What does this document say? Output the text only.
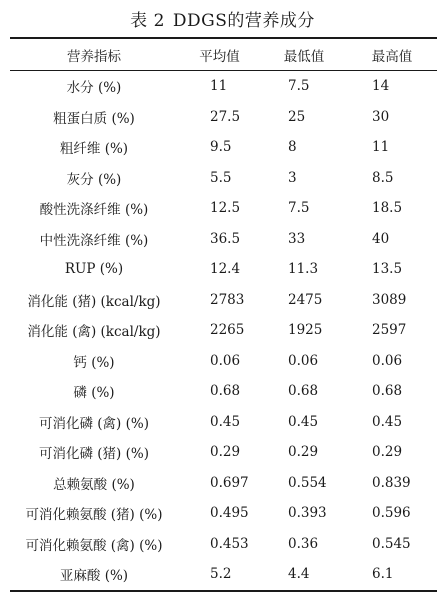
表 2 DDGS的营养成分
营养指标	平均值	最低值	最高值
水分 (%)	11	7.5	14
粗蛋白质 (%)	27.5	25	30
粗纤维 (%)	9.5	8	11
灰分 (%)	5.5	3	8.5
酸性洗涤纤维 (%)	12.5	7.5	18.5
中性洗涤纤维 (%)	36.5	33	40
RUP (%)	12.4	11.3	13.5
消化能 (猪) (kcal/kg)	2783	2475	3089
消化能 (禽) (kcal/kg)	2265	1925	2597
钙 (%)	0.06	0.06	0.06
磷 (%)	0.68	0.68	0.68
可消化磷 (禽) (%)	0.45	0.45	0.45
可消化磷 (猪) (%)	0.29	0.29	0.29
总赖氨酸 (%)	0.697	0.554	0.839
可消化赖氨酸 (猪) (%)	0.495	0.393	0.596
可消化赖氨酸 (禽) (%)	0.453	0.36	0.545
亚麻酸 (%)	5.2	4.4	6.1
